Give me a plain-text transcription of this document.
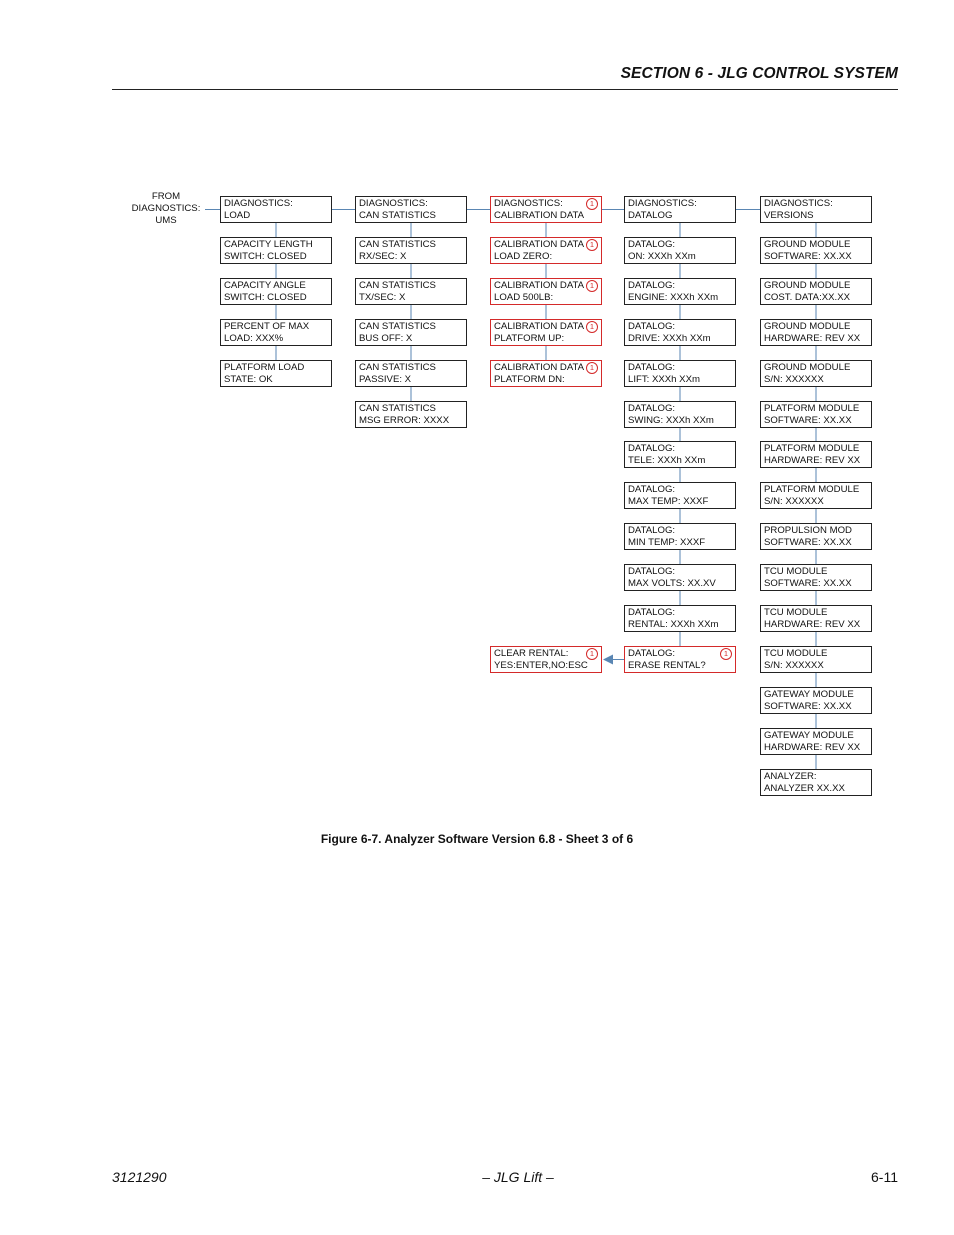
SECTION 6 - JLG CONTROL SYSTEM
FROM
DIAGNOSTICS:
UMS
DIAGNOSTICS:
LOAD
CAPACITY LENGTH
SWITCH: CLOSED
CAPACITY ANGLE
SWITCH: CLOSED
PERCENT OF MAX
LOAD: XXX%
PLATFORM LOAD
STATE: OK
DIAGNOSTICS:
CAN STATISTICS
CAN STATISTICS
RX/SEC: X
CAN STATISTICS
TX/SEC: X
CAN STATISTICS
BUS OFF: X
CAN STATISTICS
PASSIVE: X
CAN STATISTICS
MSG ERROR: XXXX
DIAGNOSTICS:
CALIBRATION DATA
1
CALIBRATION DATA
LOAD ZERO:
1
CALIBRATION DATA
LOAD 500LB:
1
CALIBRATION DATA
PLATFORM UP:
1
CALIBRATION DATA
PLATFORM DN:
1
DIAGNOSTICS:
DATALOG
DATALOG:
ON: XXXh XXm
DATALOG:
ENGINE: XXXh XXm
DATALOG:
DRIVE: XXXh XXm
DATALOG:
LIFT: XXXh XXm
DATALOG:
SWING: XXXh XXm
DATALOG:
TELE: XXXh XXm
DATALOG:
MAX TEMP: XXXF
DATALOG:
MIN TEMP: XXXF
DATALOG:
MAX VOLTS: XX.XV
DATALOG:
RENTAL: XXXh XXm
DATALOG:
ERASE RENTAL?
1
DIAGNOSTICS:
VERSIONS
GROUND MODULE
SOFTWARE: XX.XX
GROUND MODULE
COST. DATA:XX.XX
GROUND MODULE
HARDWARE: REV XX
GROUND MODULE
S/N: XXXXXX
PLATFORM MODULE
SOFTWARE: XX.XX
PLATFORM MODULE
HARDWARE: REV XX
PLATFORM MODULE
S/N: XXXXXX
PROPULSION MOD
SOFTWARE: XX.XX
TCU MODULE
SOFTWARE: XX.XX
TCU MODULE
HARDWARE: REV XX
TCU MODULE
S/N: XXXXXX
GATEWAY MODULE
SOFTWARE: XX.XX
GATEWAY MODULE
HARDWARE: REV XX
ANALYZER:
ANALYZER XX.XX
CLEAR RENTAL:
YES:ENTER,NO:ESC
1
Figure 6-7. Analyzer Software Version 6.8 - Sheet 3 of 6
3121290	– JLG Lift –	6-11
